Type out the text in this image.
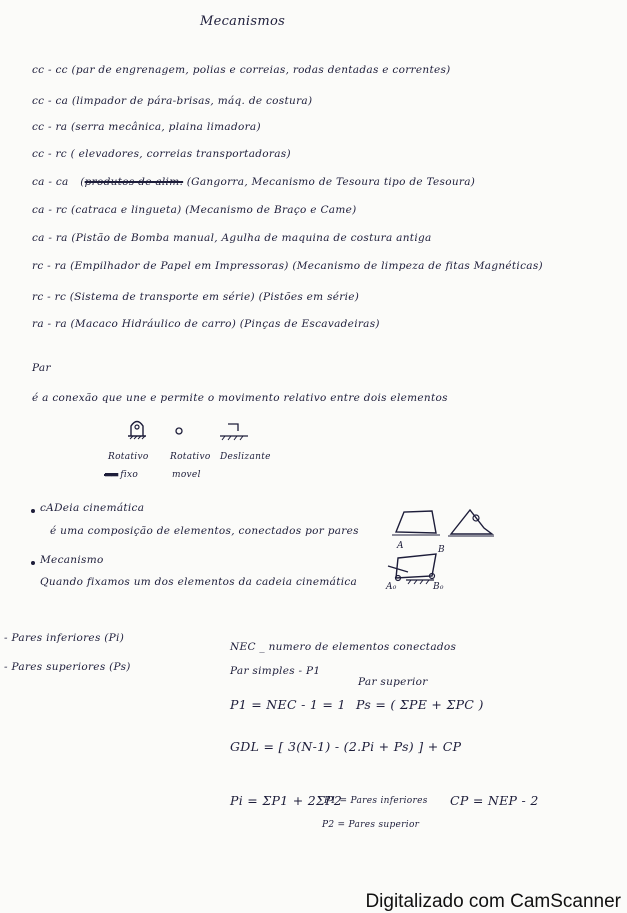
Mecanismos
cc - cc (par de engrenagem, polias e correias, rodas dentadas e correntes)
cc - ca (limpador de pára-brisas, máq. de costura)
cc - ra (serra mecânica, plaina limadora)
cc - rc ( elevadores, correias transportadoras)
ca - ca (produtos de alim. (Gangorra, Mecanismo de Tesoura tipo de Tesoura)
ca - rc (catraca e lingueta) (Mecanismo de Braço e Came)
ca - ra (Pistão de Bomba manual, Agulha de maquina de costura antiga
rc - ra (Empilhador de Papel em Impressoras) (Mecanismo de limpeza de fitas Magnéticas)
rc - rc (Sistema de transporte em série) (Pistões em série)
ra - ra (Macaco Hidráulico de carro) (Pinças de Escavadeiras)
Par
é a conexão que une e permite o movimento relativo entre dois elementos
Rotativo
▬▬ fixo
Rotativo
movel
Deslizante
cADeia cinemática
é uma composição de elementos, conectados por pares
Mecanismo
Quando fixamos um dos elementos da cadeia cinemática
A	B
A₀	B₀
- Pares inferiores (Pi)
- Pares superiores (Ps)
NEC _ numero de elementos conectados
Par simples - P1
Par superior
P1 = NEC - 1 = 1 Ps = ( ΣPE + ΣPC )
GDL = [ 3(N-1) - (2.Pi + Ps) ] + CP
Pi = ΣP1 + 2ΣP2
P1 = Pares inferiores CP = NEP - 2
P2 = Pares superior
Digitalizado com CamScanner
